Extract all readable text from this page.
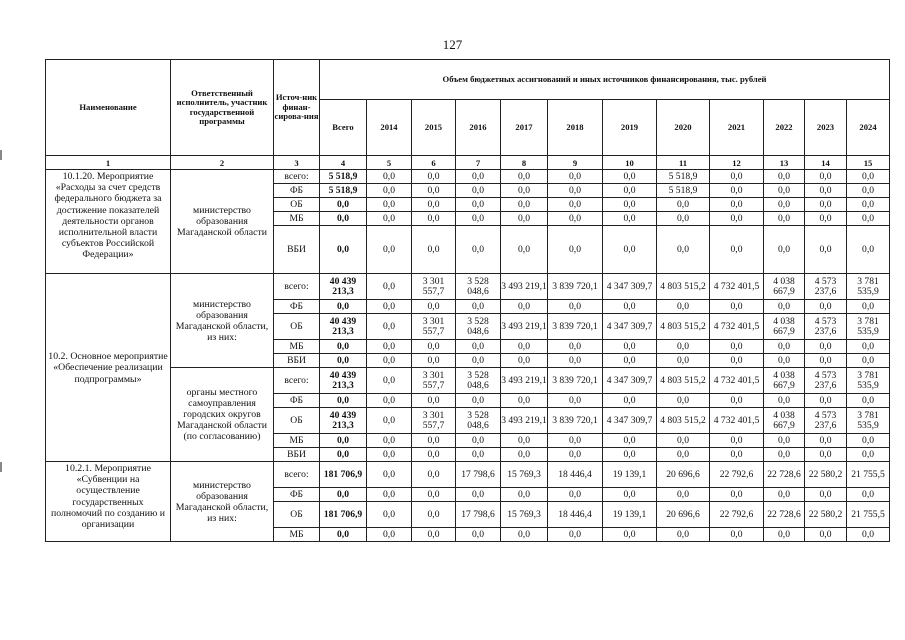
127
Наименование	Ответственный исполнитель, участник государственной программы	Источ-ник финан-сирова-ния	Объем бюджетных ассигнований и иных источников финансирования, тыс. рублей											
			Всего	2014	2015	2016	2017	2018	2019	2020	2021	2022	2023	2024
1	2	3	4	5	6	7	8	9	10	11	12	13	14	15
10.1.20. Мероприятие «Расходы за счет средств федерального бюджета за достижение показателей деятельности органов исполнительной власти субъектов Российской Федерации»	министерство образования Магаданской области	всего:	5 518,9	0,0	0,0	0,0	0,0	0,0	0,0	5 518,9	0,0	0,0	0,0	0,0
		ФБ	5 518,9	0,0	0,0	0,0	0,0	0,0	0,0	5 518,9	0,0	0,0	0,0	0,0
		ОБ	0,0	0,0	0,0	0,0	0,0	0,0	0,0	0,0	0,0	0,0	0,0	0,0
		МБ	0,0	0,0	0,0	0,0	0,0	0,0	0,0	0,0	0,0	0,0	0,0	0,0
		ВБИ	0,0	0,0	0,0	0,0	0,0	0,0	0,0	0,0	0,0	0,0	0,0	0,0
10.2. Основное мероприятие «Обеспечение реализации подпрограммы»	министерство образования Магаданской области, из них:	всего:	40 439 213,3	0,0	3 301 557,7	3 528 048,6	3 493 219,1	3 839 720,1	4 347 309,7	4 803 515,2	4 732 401,5	4 038 667,9	4 573 237,6	3 781 535,9
		ФБ	0,0	0,0	0,0	0,0	0,0	0,0	0,0	0,0	0,0	0,0	0,0	0,0
		ОБ	40 439 213,3	0,0	3 301 557,7	3 528 048,6	3 493 219,1	3 839 720,1	4 347 309,7	4 803 515,2	4 732 401,5	4 038 667,9	4 573 237,6	3 781 535,9
		МБ	0,0	0,0	0,0	0,0	0,0	0,0	0,0	0,0	0,0	0,0	0,0	0,0
		ВБИ	0,0	0,0	0,0	0,0	0,0	0,0	0,0	0,0	0,0	0,0	0,0	0,0
	органы местного самоуправления городских округов Магаданской области (по согласованию)	всего:	40 439 213,3	0,0	3 301 557,7	3 528 048,6	3 493 219,1	3 839 720,1	4 347 309,7	4 803 515,2	4 732 401,5	4 038 667,9	4 573 237,6	3 781 535,9
		ФБ	0,0	0,0	0,0	0,0	0,0	0,0	0,0	0,0	0,0	0,0	0,0	0,0
		ОБ	40 439 213,3	0,0	3 301 557,7	3 528 048,6	3 493 219,1	3 839 720,1	4 347 309,7	4 803 515,2	4 732 401,5	4 038 667,9	4 573 237,6	3 781 535,9
		МБ	0,0	0,0	0,0	0,0	0,0	0,0	0,0	0,0	0,0	0,0	0,0	0,0
		ВБИ	0,0	0,0	0,0	0,0	0,0	0,0	0,0	0,0	0,0	0,0	0,0	0,0
10.2.1. Мероприятие «Субвенции на осуществление государственных полномочий по созданию и организации	министерство образования Магаданской области, из них:	всего:	181 706,9	0,0	0,0	17 798,6	15 769,3	18 446,4	19 139,1	20 696,6	22 792,6	22 728,6	22 580,2	21 755,5
		ФБ	0,0	0,0	0,0	0,0	0,0	0,0	0,0	0,0	0,0	0,0	0,0	0,0
		ОБ	181 706,9	0,0	0,0	17 798,6	15 769,3	18 446,4	19 139,1	20 696,6	22 792,6	22 728,6	22 580,2	21 755,5
		МБ	0,0	0,0	0,0	0,0	0,0	0,0	0,0	0,0	0,0	0,0	0,0	0,0
